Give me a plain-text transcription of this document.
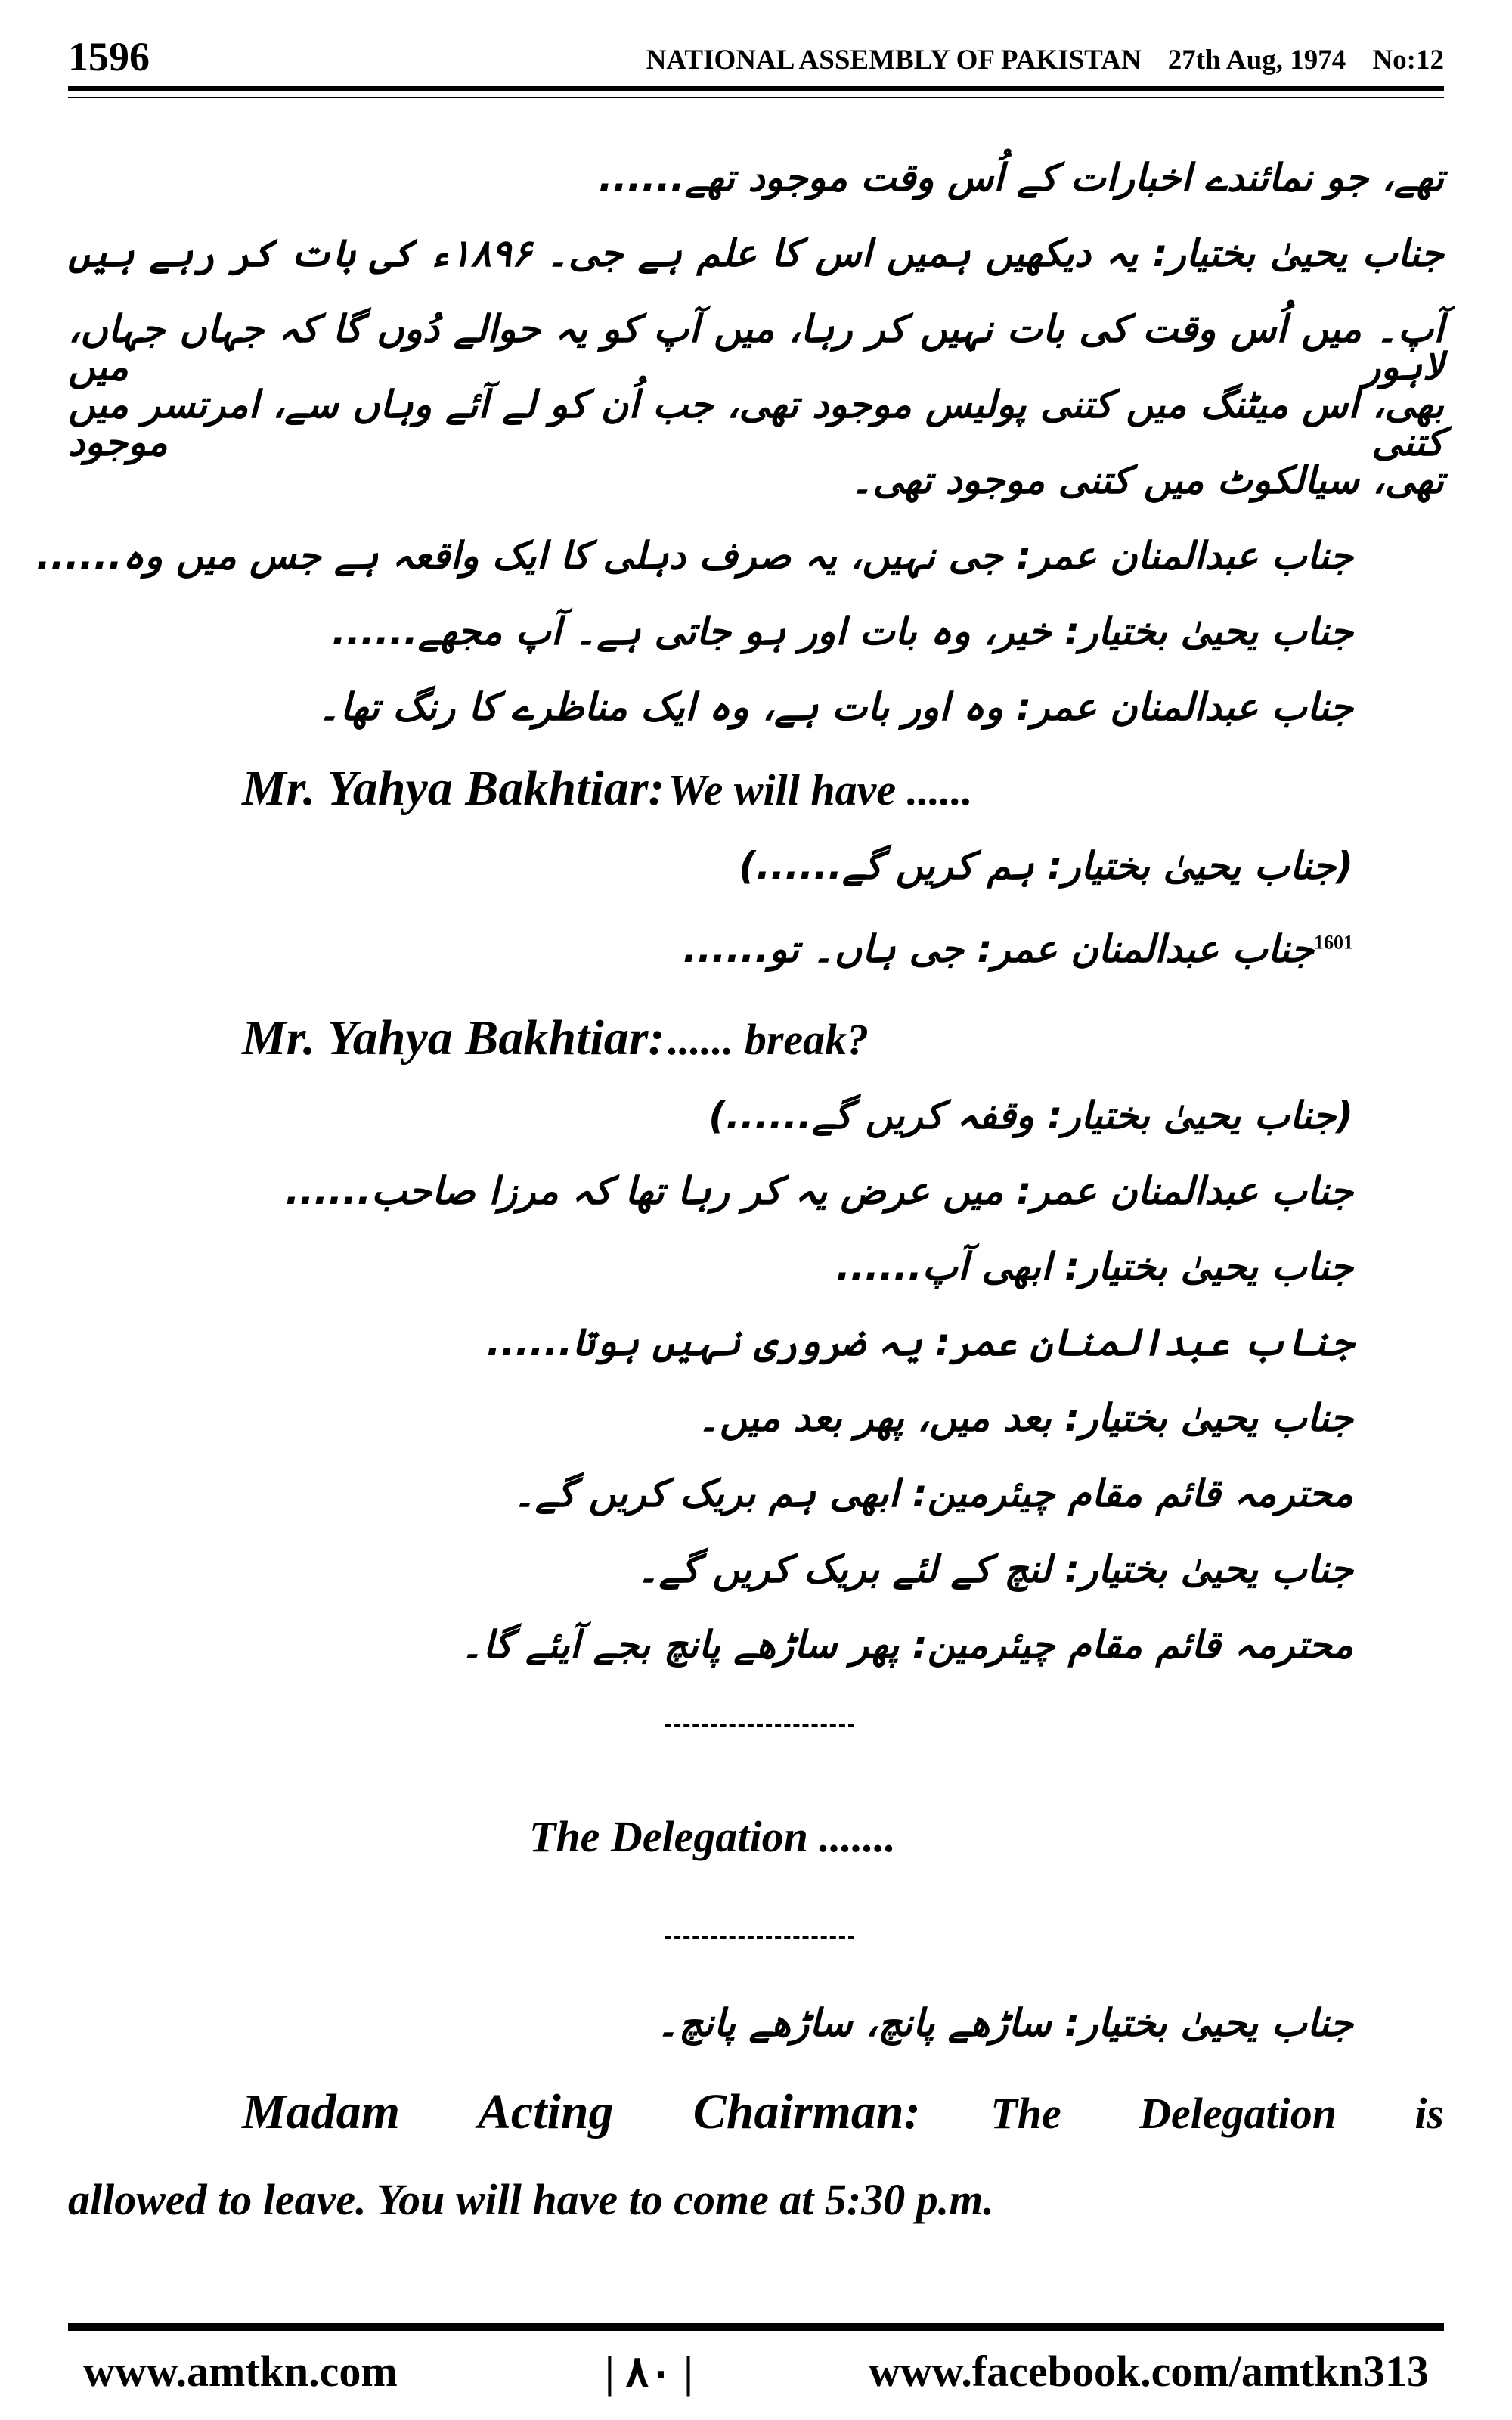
1596	NATIONAL ASSEMBLY OF PAKISTAN 27th Aug, 1974 No:12
تھے، جو نمائندے اخبارات کے اُس وقت موجود تھے......
جناب یحییٰ بختیار: یہ دیکھیں ہمیں اس کا علم ہے جی۔ ۱۸۹۶ء کی بات کر رہے ہیں
آپ۔ میں اُس وقت کی بات نہیں کر رہا، میں آپ کو یہ حوالے دُوں گا کہ جہاں جہاں، لاہور میں
بھی، اس میٹنگ میں کتنی پولیس موجود تھی، جب اُن کو لے آئے وہاں سے، امرتسر میں کتنی موجود
تھی، سیالکوٹ میں کتنی موجود تھی۔
جناب عبدالمنان عمر: جی نہیں، یہ صرف دہلی کا ایک واقعہ ہے جس میں وہ......
جناب یحییٰ بختیار: خیر، وہ بات اور ہو جاتی ہے۔ آپ مجھے......
جناب عبدالمنان عمر: وہ اور بات ہے، وہ ایک مناظرے کا رنگ تھا۔
Mr. Yahya Bakhtiar: We will have ......
(جناب یحییٰ بختیار: ہم کریں گے......)
$^{1601}$جناب عبدالمنان عمر: جی ہاں۔ تو......
Mr. Yahya Bakhtiar: ...... break?
(جناب یحییٰ بختیار: وقفہ کریں گے......)
جناب عبدالمنان عمر: میں عرض یہ کر رہا تھا کہ مرزا صاحب......
جناب یحییٰ بختیار: ابھی آپ......
جناب عبدالمنان عمر: یہ ضروری نہیں ہوتا......
جناب یحییٰ بختیار: بعد میں، پھر بعد میں۔
محترمہ قائم مقام چیئرمین: ابھی ہم بریک کریں گے۔
جناب یحییٰ بختیار: لنچ کے لئے بریک کریں گے۔
محترمہ قائم مقام چیئرمین: پھر ساڑھے پانچ بجے آیئے گا۔
The Delegation .......
جناب یحییٰ بختیار: ساڑھے پانچ، ساڑھے پانچ۔
Madam Acting Chairman: The Delegation is
allowed to leave. You will have to come at 5:30 p.m.
www.amtkn.com	| ۸۰ |	www.facebook.com/amtkn313
